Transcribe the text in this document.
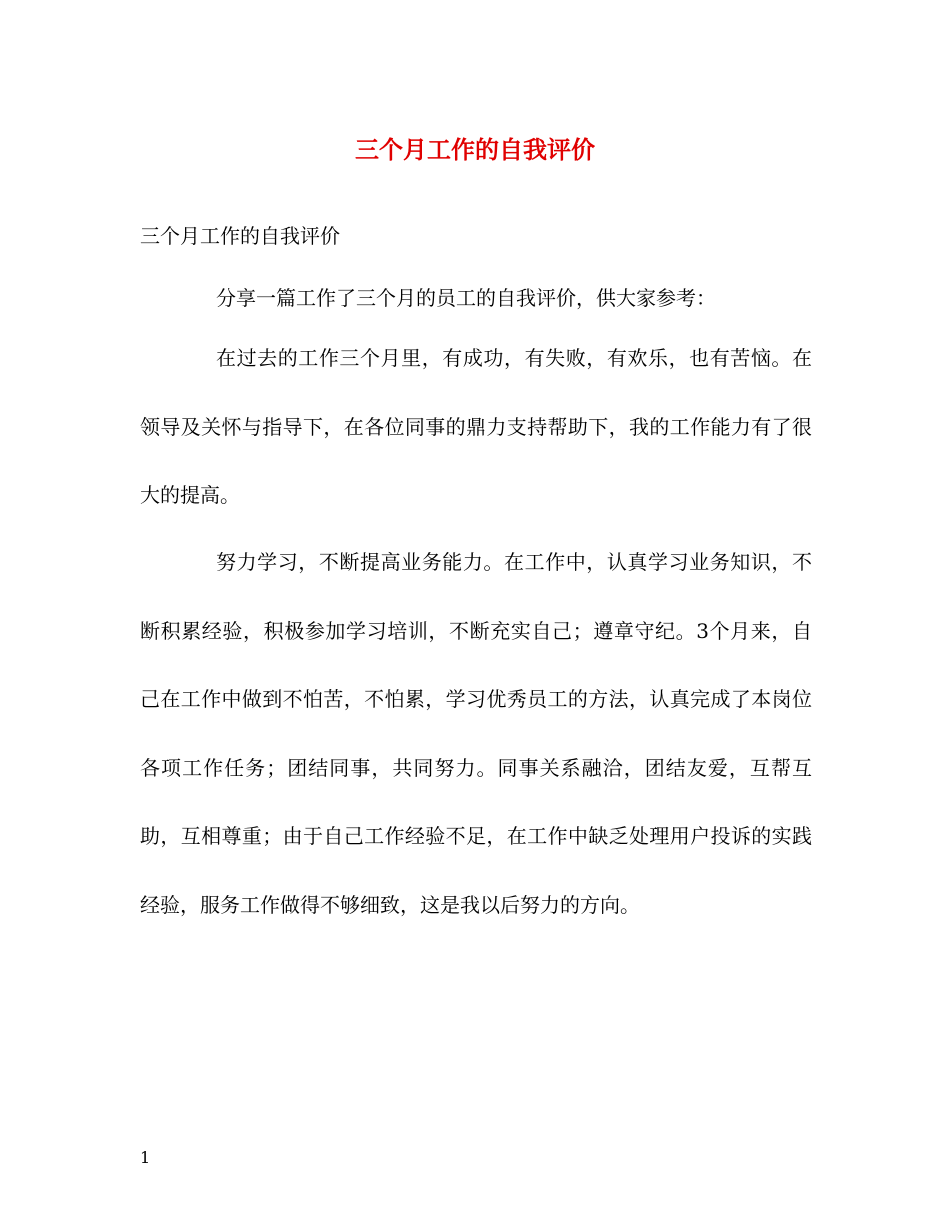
三个月工作的自我评价

三个月工作的自我评价

分享一篇工作了三个月的员工的自我评价，供大家参考：

在过去的工作三个月里，有成功，有失败，有欢乐，也有苦恼。在领导及关怀与指导下，在各位同事的鼎力支持帮助下，我的工作能力有了很大的提高。

努力学习，不断提高业务能力。在工作中，认真学习业务知识，不断积累经验，积极参加学习培训，不断充实自己；遵章守纪。3个月来，自己在工作中做到不怕苦，不怕累，学习优秀员工的方法，认真完成了本岗位各项工作任务；团结同事，共同努力。同事关系融洽，团结友爱，互帮互助，互相尊重；由于自己工作经验不足，在工作中缺乏处理用户投诉的实践经验，服务工作做得不够细致，这是我以后努力的方向。

1
